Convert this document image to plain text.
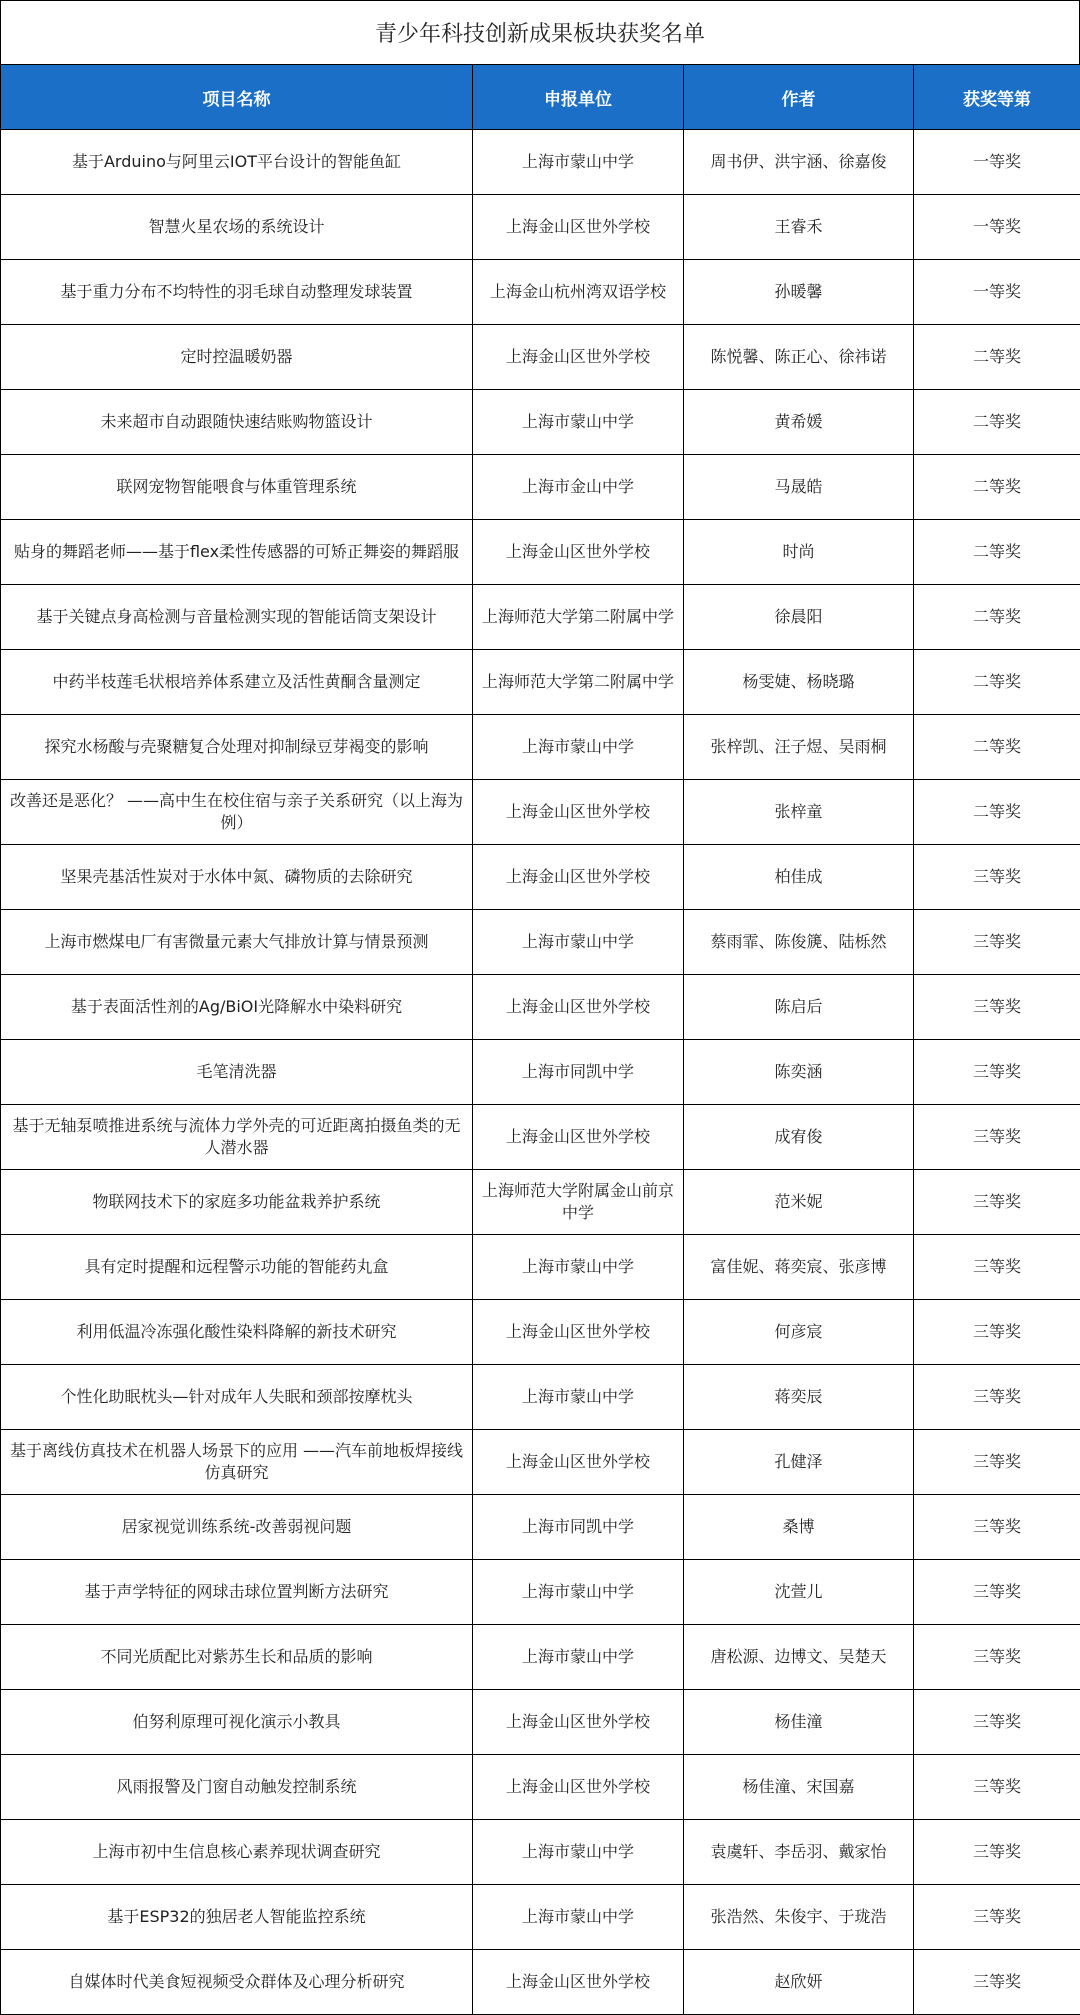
青少年科技创新成果板块获奖名单
项目名称	申报单位	作者	获奖等第
基于Arduino与阿里云IOT平台设计的智能鱼缸	上海市蒙山中学	周书伊、洪宇涵、徐嘉俊	一等奖
智慧火星农场的系统设计	上海金山区世外学校	王睿禾	一等奖
基于重力分布不均特性的羽毛球自动整理发球装置	上海金山杭州湾双语学校	孙暖馨	一等奖
定时控温暖奶器	上海金山区世外学校	陈悦馨、陈正心、徐祎诺	二等奖
未来超市自动跟随快速结账购物篮设计	上海市蒙山中学	黄希媛	二等奖
联网宠物智能喂食与体重管理系统	上海市金山中学	马晟皓	二等奖
贴身的舞蹈老师——基于flex柔性传感器的可矫正舞姿的舞蹈服	上海金山区世外学校	时尚	二等奖
基于关键点身高检测与音量检测实现的智能话筒支架设计	上海师范大学第二附属中学	徐晨阳	二等奖
中药半枝莲毛状根培养体系建立及活性黄酮含量测定	上海师范大学第二附属中学	杨雯婕、杨晓璐	二等奖
探究水杨酸与壳聚糖复合处理对抑制绿豆芽褐变的影响	上海市蒙山中学	张梓凯、汪子煜、吴雨桐	二等奖
改善还是恶化？ ——高中生在校住宿与亲子关系研究（以上海为例）	上海金山区世外学校	张梓童	二等奖
坚果壳基活性炭对于水体中氮、磷物质的去除研究	上海金山区世外学校	柏佳成	三等奖
上海市燃煤电厂有害微量元素大气排放计算与情景预测	上海市蒙山中学	蔡雨霏、陈俊篪、陆栎然	三等奖
基于表面活性剂的Ag/BiOI光降解水中染料研究	上海金山区世外学校	陈启后	三等奖
毛笔清洗器	上海市同凯中学	陈奕涵	三等奖
基于无轴泵喷推进系统与流体力学外壳的可近距离拍摄鱼类的无人潜水器	上海金山区世外学校	成宥俊	三等奖
物联网技术下的家庭多功能盆栽养护系统	上海师范大学附属金山前京中学	范米妮	三等奖
具有定时提醒和远程警示功能的智能药丸盒	上海市蒙山中学	富佳妮、蒋奕宸、张彦博	三等奖
利用低温冷冻强化酸性染料降解的新技术研究	上海金山区世外学校	何彦宸	三等奖
个性化助眠枕头—针对成年人失眠和颈部按摩枕头	上海市蒙山中学	蒋奕辰	三等奖
基于离线仿真技术在机器人场景下的应用 ——汽车前地板焊接线仿真研究	上海金山区世外学校	孔健泽	三等奖
居家视觉训练系统-改善弱视问题	上海市同凯中学	桑博	三等奖
基于声学特征的网球击球位置判断方法研究	上海市蒙山中学	沈萱儿	三等奖
不同光质配比对紫苏生长和品质的影响	上海市蒙山中学	唐松源、边博文、吴楚天	三等奖
伯努利原理可视化演示小教具	上海金山区世外学校	杨佳潼	三等奖
风雨报警及门窗自动触发控制系统	上海金山区世外学校	杨佳潼、宋国嘉	三等奖
上海市初中生信息核心素养现状调查研究	上海市蒙山中学	袁虞轩、李岳羽、戴家怡	三等奖
基于ESP32的独居老人智能监控系统	上海市蒙山中学	张浩然、朱俊宇、于珑浩	三等奖
自媒体时代美食短视频受众群体及心理分析研究	上海金山区世外学校	赵欣妍	三等奖
